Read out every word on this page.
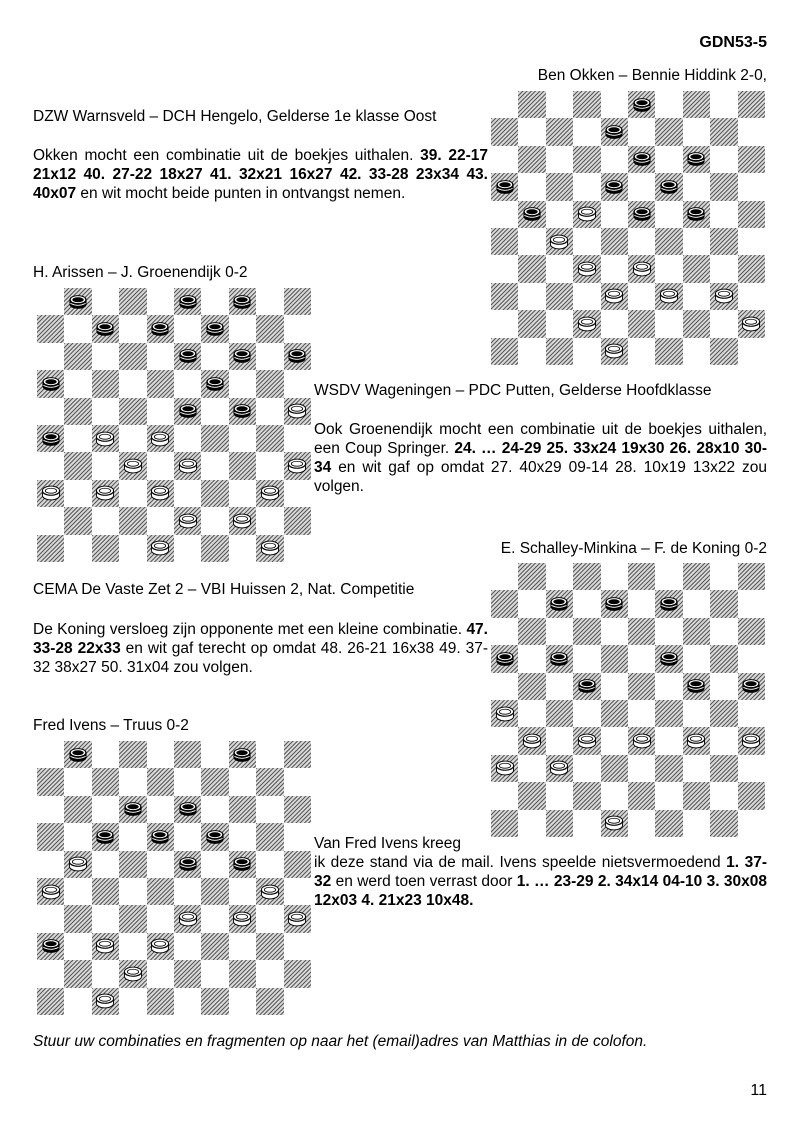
GDN53-5
Ben Okken – Bennie Hiddink 2-0,
DZW Warnsveld – DCH Hengelo, Gelderse 1e klasse Oost
Okken mocht een combinatie uit de boekjes uithalen. 39. 22-17 21x12 40. 27-22 18x27 41. 32x21 16x27 42. 33-28 23x34 43. 40x07 en wit mocht beide punten in ontvangst nemen.
H. Arissen – J. Groenendijk 0-2
WSDV Wageningen – PDC Putten, Gelderse Hoofdklasse
Ook Groenendijk mocht een combinatie uit de boekjes uithalen, een Coup Springer. 24. … 24-29 25. 33x24 19x30 26. 28x10 30-34 en wit gaf op omdat 27. 40x29 09-14 28. 10x19 13x22 zou volgen.
E. Schalley-Minkina – F. de Koning 0-2
CEMA De Vaste Zet 2 – VBI Huissen 2, Nat. Competitie
De Koning versloeg zijn opponente met een kleine combinatie. 47. 33-28 22x33 en wit gaf terecht op omdat 48. 26-21 16x38 49. 37-32 38x27 50. 31x04 zou volgen.
Fred Ivens – Truus 0-2
Van Fred Ivens kreeg
ik deze stand via de mail. Ivens speelde nietsvermoedend 1. 37-32 en werd toen verrast door 1. … 23-29 2. 34x14 04-10 3. 30x08 12x03 4. 21x23 10x48.
Stuur uw combinaties en fragmenten op naar het (email)adres van Matthias in de colofon.
11
